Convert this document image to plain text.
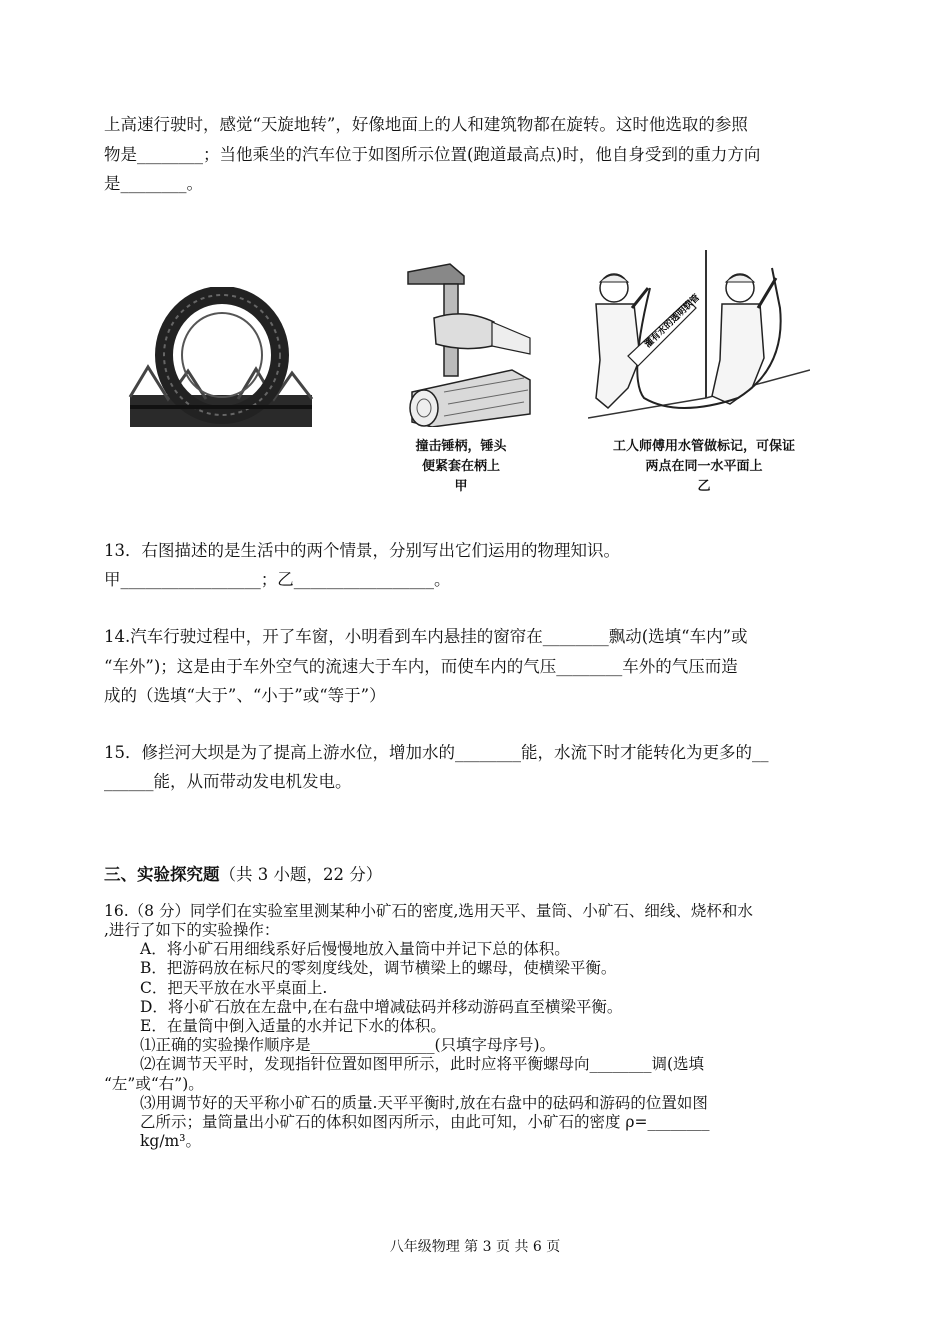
上高速行驶时，感觉“天旋地转”，好像地面上的人和建筑物都在旋转。这时他选取的参照

物是________；当他乘坐的汽车位于如图所示位置(跑道最高点)时，他自身受到的重力方向

是________。

撞击锤柄，锤头
便紧套在柄上
甲
灌有水的透明软管
工人师傅用水管做标记，可保证
两点在同一水平面上
乙

13．右图描述的是生活中的两个情景，分别写出它们运用的物理知识。

甲_________________；乙_________________。

14.汽车行驶过程中，开了车窗，小明看到车内悬挂的窗帘在________飘动(选填“车内”或

“车外”)；这是由于车外空气的流速大于车内，而使车内的气压________车外的气压而造

成的（选填“大于”、“小于”或“等于”）

15．修拦河大坝是为了提高上游水位，增加水的________能，水流下时才能转化为更多的__

______能，从而带动发电机发电。

三、实验探究题（共 3 小题，22 分）

16.（8 分）同学们在实验室里测某种小矿石的密度,选用天平、量筒、小矿石、细线、烧杯和水

,进行了如下的实验操作：

A．将小矿石用细线系好后慢慢地放入量筒中并记下总的体积。

B．把游码放在标尺的零刻度线处，调节横梁上的螺母，使横梁平衡。

C．把天平放在水平桌面上.

D．将小矿石放在左盘中,在右盘中增减砝码并移动游码直至横梁平衡。

E．在量筒中倒入适量的水并记下水的体积。

⑴正确的实验操作顺序是________________(只填字母序号)。

⑵在调节天平时，发现指针位置如图甲所示，此时应将平衡螺母向________调(选填

“左”或“右”)。

⑶用调节好的天平称小矿石的质量.天平平衡时,放在右盘中的砝码和游码的位置如图

乙所示；量筒量出小矿石的体积如图丙所示，由此可知，小矿石的密度 ρ=________

kg/m³。

八年级物理 第 3 页 共 6 页
